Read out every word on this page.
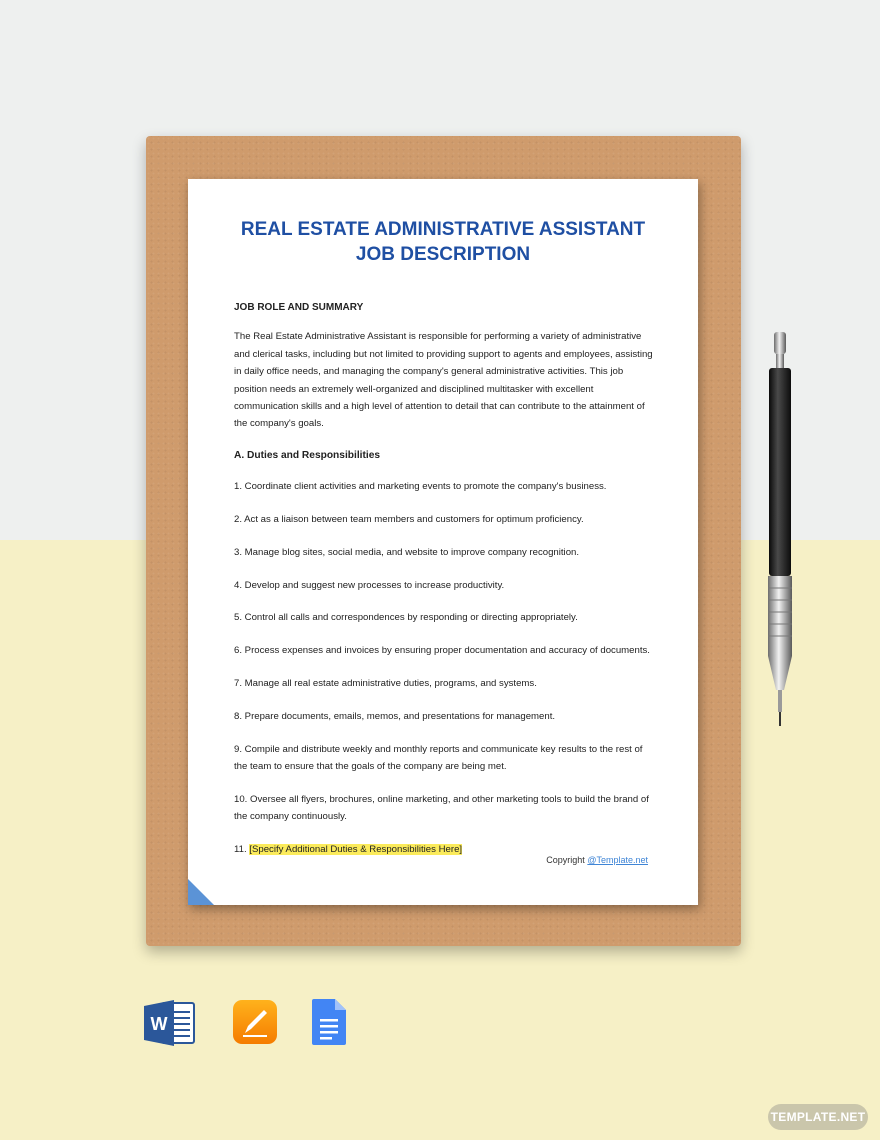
REAL ESTATE ADMINISTRATIVE ASSISTANT
JOB DESCRIPTION
JOB ROLE AND SUMMARY
The Real Estate Administrative Assistant is responsible for performing a variety of administrative and clerical tasks, including but not limited to providing support to agents and employees, assisting in daily office needs, and managing the company's general administrative activities. This job position needs an extremely well-organized and disciplined multitasker with excellent communication skills and a high level of attention to detail that can contribute to the attainment of the company's goals.
A. Duties and Responsibilities
1. Coordinate client activities and marketing events to promote the company's business.
2. Act as a liaison between team members and customers for optimum proficiency.
3. Manage blog sites, social media, and website to improve company recognition.
4. Develop and suggest new processes to increase productivity.
5. Control all calls and correspondences by responding or directing appropriately.
6. Process expenses and invoices by ensuring proper documentation and accuracy of documents.
7. Manage all real estate administrative duties, programs, and systems.
8. Prepare documents, emails, memos, and presentations for management.
9. Compile and distribute weekly and monthly reports and communicate key results to the rest of the team to ensure that the goals of the company are being met.
10. Oversee all flyers, brochures, online marketing, and other marketing tools to build the brand of the company continuously.
11. [Specify Additional Duties & Responsibilities Here]
Copyright @Template.net
W
TEMPLATE.NET
